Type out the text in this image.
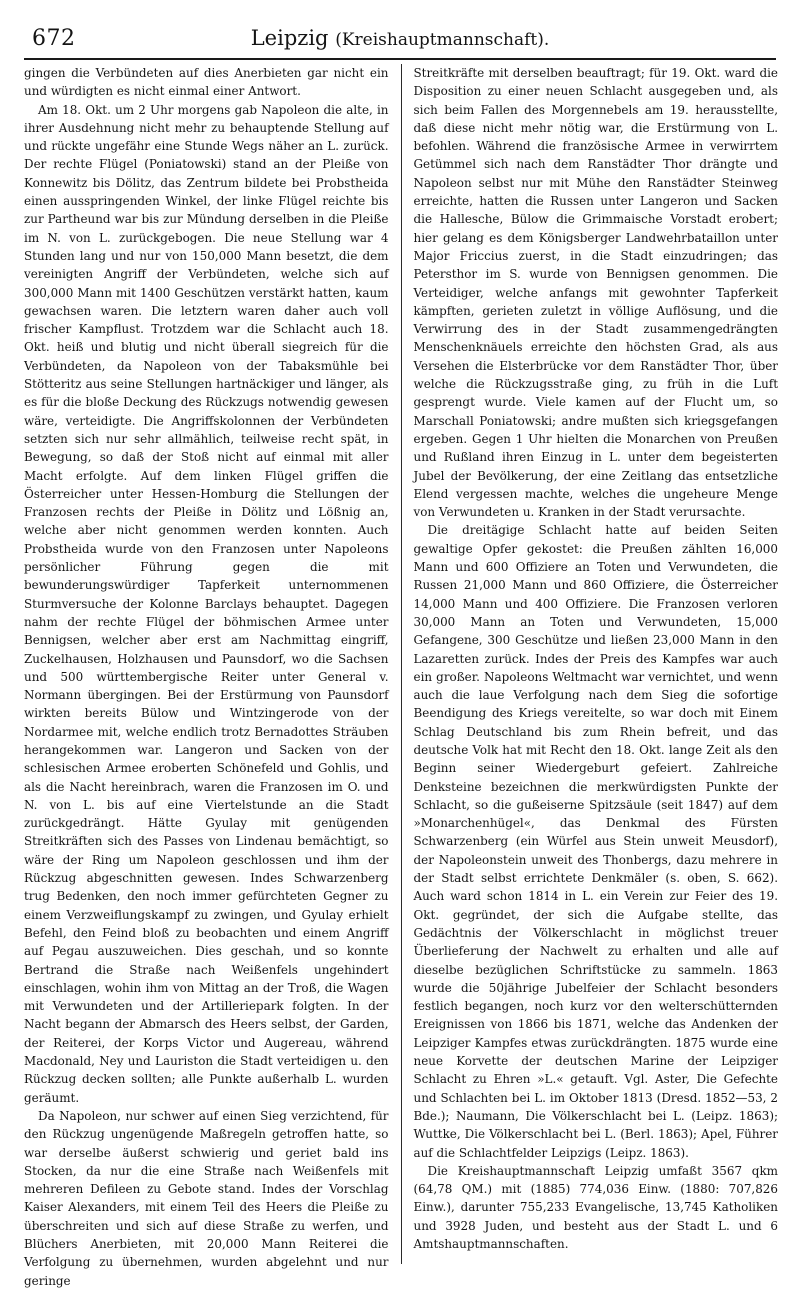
672	Leipzig (Kreishauptmannschaft).

gingen die Verbündeten auf dies Anerbieten gar nicht ein und würdigten es nicht einmal einer Antwort.

Am 18. Okt. um 2 Uhr morgens gab Napoleon die alte, in ihrer Ausdehnung nicht mehr zu behauptende Stellung auf und rückte ungefähr eine Stunde Wegs näher an L. zurück. Der rechte Flügel (Poniatowski) stand an der Pleiße von Konnewitz bis Dölitz, das Zentrum bildete bei Probstheida einen ausspringenden Winkel, der linke Flügel reichte bis zur Partheund war bis zur Mündung derselben in die Pleiße im N. von L. zurückgebogen. Die neue Stellung war 4 Stunden lang und nur von 150,000 Mann besetzt, die dem vereinigten Angriff der Verbündeten, welche sich auf 300,000 Mann mit 1400 Geschützen verstärkt hatten, kaum gewachsen waren. Die letztern waren daher auch voll frischer Kampflust. Trotzdem war die Schlacht auch 18. Okt. heiß und blutig und nicht überall siegreich für die Verbündeten, da Napoleon von der Tabaksmühle bei Stötteritz aus seine Stellungen hartnäckiger und länger, als es für die bloße Deckung des Rückzugs notwendig gewesen wäre, verteidigte. Die Angriffskolonnen der Verbündeten setzten sich nur sehr allmählich, teilweise recht spät, in Bewegung, so daß der Stoß nicht auf einmal mit aller Macht erfolgte. Auf dem linken Flügel griffen die Österreicher unter Hessen-Homburg die Stellungen der Franzosen rechts der Pleiße in Dölitz und Lößnig an, welche aber nicht genommen werden konnten. Auch Probstheida wurde von den Franzosen unter Napoleons persönlicher Führung gegen die mit bewunderungswürdiger Tapferkeit unternommenen Sturmversuche der Kolonne Barclays behauptet. Dagegen nahm der rechte Flügel der böhmischen Armee unter Bennigsen, welcher aber erst am Nachmittag eingriff, Zuckelhausen, Holzhausen und Paunsdorf, wo die Sachsen und 500 württembergische Reiter unter General v. Normann übergingen. Bei der Erstürmung von Paunsdorf wirkten bereits Bülow und Wintzingerode von der Nordarmee mit, welche endlich trotz Bernadottes Sträuben herangekommen war. Langeron und Sacken von der schlesischen Armee eroberten Schönefeld und Gohlis, und als die Nacht hereinbrach, waren die Franzosen im O. und N. von L. bis auf eine Viertelstunde an die Stadt zurückgedrängt. Hätte Gyulay mit genügenden Streitkräften sich des Passes von Lindenau bemächtigt, so wäre der Ring um Napoleon geschlossen und ihm der Rückzug abgeschnitten gewesen. Indes Schwarzenberg trug Bedenken, den noch immer gefürchteten Gegner zu einem Verzweiflungskampf zu zwingen, und Gyulay erhielt Befehl, den Feind bloß zu beobachten und einem Angriff auf Pegau auszuweichen. Dies geschah, und so konnte Bertrand die Straße nach Weißenfels ungehindert einschlagen, wohin ihm von Mittag an der Troß, die Wagen mit Verwundeten und der Artilleriepark folgten. In der Nacht begann der Abmarsch des Heers selbst, der Garden, der Reiterei, der Korps Victor und Augereau, während Macdonald, Ney und Lauriston die Stadt verteidigen u. den Rückzug decken sollten; alle Punkte außerhalb L. wurden geräumt.

Da Napoleon, nur schwer auf einen Sieg verzichtend, für den Rückzug ungenügende Maßregeln getroffen hatte, so war derselbe äußerst schwierig und geriet bald ins Stocken, da nur die eine Straße nach Weißenfels mit mehreren Defileen zu Gebote stand. Indes der Vorschlag Kaiser Alexanders, mit einem Teil des Heers die Pleiße zu überschreiten und sich auf diese Straße zu werfen, und Blüchers Anerbieten, mit 20,000 Mann Reiterei die Verfolgung zu übernehmen, wurden abgelehnt und nur geringe

Streitkräfte mit derselben beauftragt; für 19. Okt. ward die Disposition zu einer neuen Schlacht ausgegeben und, als sich beim Fallen des Morgennebels am 19. herausstellte, daß diese nicht mehr nötig war, die Erstürmung von L. befohlen. Während die französische Armee in verwirrtem Getümmel sich nach dem Ranstädter Thor drängte und Napoleon selbst nur mit Mühe den Ranstädter Steinweg erreichte, hatten die Russen unter Langeron und Sacken die Hallesche, Bülow die Grimmaische Vorstadt erobert; hier gelang es dem Königsberger Landwehrbataillon unter Major Friccius zuerst, in die Stadt einzudringen; das Petersthor im S. wurde von Bennigsen genommen. Die Verteidiger, welche anfangs mit gewohnter Tapferkeit kämpften, gerieten zuletzt in völlige Auflösung, und die Verwirrung des in der Stadt zusammengedrängten Menschenknäuels erreichte den höchsten Grad, als aus Versehen die Elsterbrücke vor dem Ranstädter Thor, über welche die Rückzugsstraße ging, zu früh in die Luft gesprengt wurde. Viele kamen auf der Flucht um, so Marschall Poniatowski; andre mußten sich kriegsgefangen ergeben. Gegen 1 Uhr hielten die Monarchen von Preußen und Rußland ihren Einzug in L. unter dem begeisterten Jubel der Bevölkerung, der eine Zeitlang das entsetzliche Elend vergessen machte, welches die ungeheure Menge von Verwundeten u. Kranken in der Stadt verursachte.

Die dreitägige Schlacht hatte auf beiden Seiten gewaltige Opfer gekostet: die Preußen zählten 16,000 Mann und 600 Offiziere an Toten und Verwundeten, die Russen 21,000 Mann und 860 Offiziere, die Österreicher 14,000 Mann und 400 Offiziere. Die Franzosen verloren 30,000 Mann an Toten und Verwundeten, 15,000 Gefangene, 300 Geschütze und ließen 23,000 Mann in den Lazaretten zurück. Indes der Preis des Kampfes war auch ein großer. Napoleons Weltmacht war vernichtet, und wenn auch die laue Verfolgung nach dem Sieg die sofortige Beendigung des Kriegs vereitelte, so war doch mit Einem Schlag Deutschland bis zum Rhein befreit, und das deutsche Volk hat mit Recht den 18. Okt. lange Zeit als den Beginn seiner Wiedergeburt gefeiert. Zahlreiche Denksteine bezeichnen die merkwürdigsten Punkte der Schlacht, so die gußeiserne Spitzsäule (seit 1847) auf dem »Monarchenhügel«, das Denkmal des Fürsten Schwarzenberg (ein Würfel aus Stein unweit Meusdorf), der Napoleonstein unweit des Thonbergs, dazu mehrere in der Stadt selbst errichtete Denkmäler (s. oben, S. 662). Auch ward schon 1814 in L. ein Verein zur Feier des 19. Okt. gegründet, der sich die Aufgabe stellte, das Gedächtnis der Völkerschlacht in möglichst treuer Überlieferung der Nachwelt zu erhalten und alle auf dieselbe bezüglichen Schriftstücke zu sammeln. 1863 wurde die 50jährige Jubelfeier der Schlacht besonders festlich begangen, noch kurz vor den welterschütternden Ereignissen von 1866 bis 1871, welche das Andenken der Leipziger Kampfes etwas zurückdrängten. 1875 wurde eine neue Korvette der deutschen Marine der Leipziger Schlacht zu Ehren »L.« getauft. Vgl. Aster, Die Gefechte und Schlachten bei L. im Oktober 1813 (Dresd. 1852—53, 2 Bde.); Naumann, Die Völkerschlacht bei L. (Leipz. 1863); Wuttke, Die Völkerschlacht bei L. (Berl. 1863); Apel, Führer auf die Schlachtfelder Leipzigs (Leipz. 1863).

Die Kreishauptmannschaft Leipzig umfaßt 3567 qkm (64,78 QM.) mit (1885) 774,036 Einw. (1880: 707,826 Einw.), darunter 755,233 Evangelische, 13,745 Katholiken und 3928 Juden, und besteht aus der Stadt L. und 6 Amtshauptmannschaften.
